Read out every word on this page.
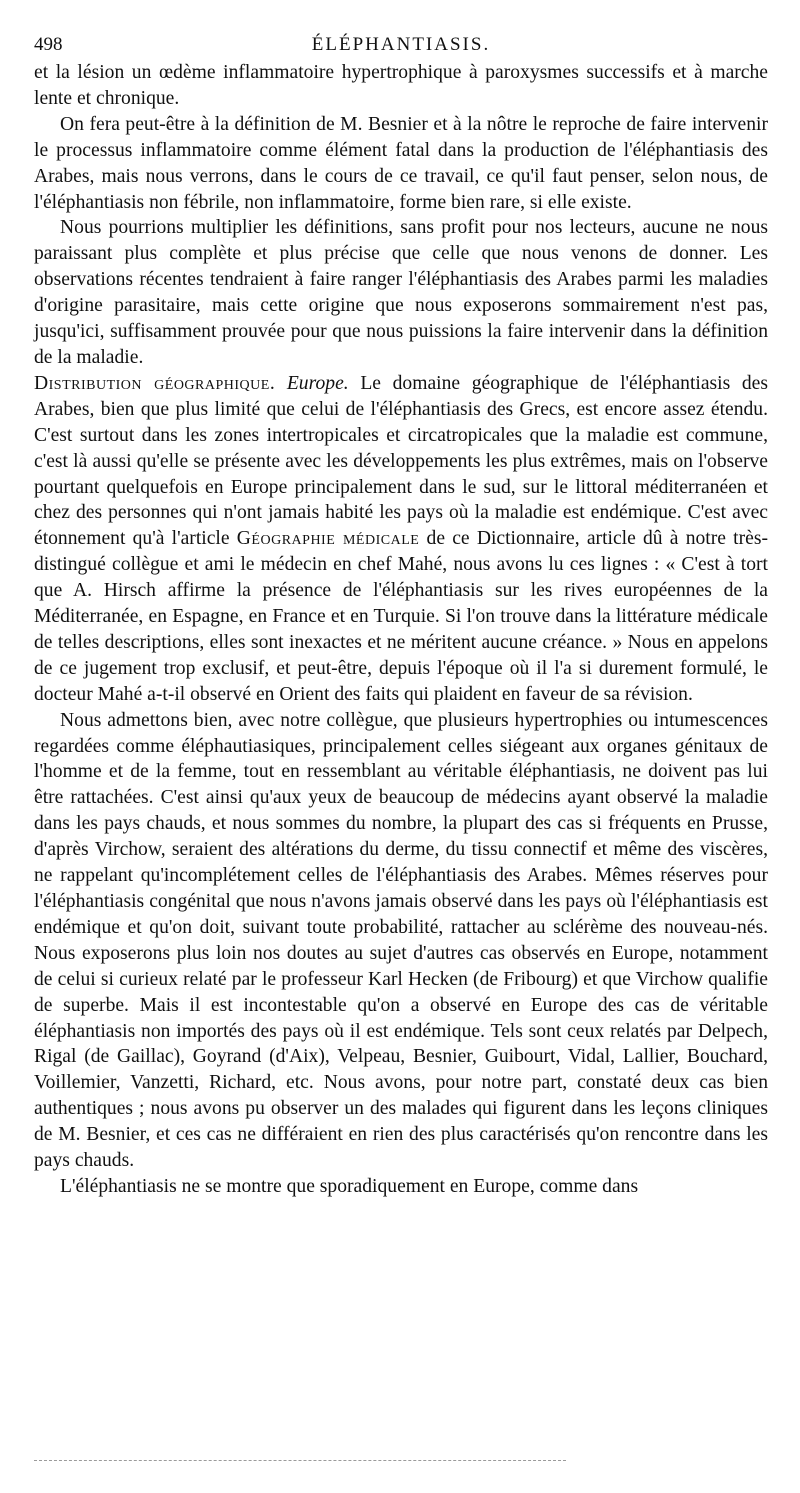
498	ÉLÉPHANTIASIS.

et la lésion un œdème inflammatoire hypertrophique à paroxysmes successifs et à marche lente et chronique.

On fera peut-être à la définition de M. Besnier et à la nôtre le reproche de faire intervenir le processus inflammatoire comme élément fatal dans la production de l'éléphantiasis des Arabes, mais nous verrons, dans le cours de ce travail, ce qu'il faut penser, selon nous, de l'éléphantiasis non fébrile, non inflammatoire, forme bien rare, si elle existe.

Nous pourrions multiplier les définitions, sans profit pour nos lecteurs, aucune ne nous paraissant plus complète et plus précise que celle que nous venons de donner. Les observations récentes tendraient à faire ranger l'éléphantiasis des Arabes parmi les maladies d'origine parasitaire, mais cette origine que nous exposerons sommairement n'est pas, jusqu'ici, suffisamment prouvée pour que nous puissions la faire intervenir dans la définition de la maladie.

Distribution géographique. Europe. Le domaine géographique de l'éléphantiasis des Arabes, bien que plus limité que celui de l'éléphantiasis des Grecs, est encore assez étendu. C'est surtout dans les zones intertropicales et circatropicales que la maladie est commune, c'est là aussi qu'elle se présente avec les développements les plus extrêmes, mais on l'observe pourtant quelquefois en Europe principalement dans le sud, sur le littoral méditerranéen et chez des personnes qui n'ont jamais habité les pays où la maladie est endémique. C'est avec étonnement qu'à l'article Géographie médicale de ce Dictionnaire, article dû à notre très-distingué collègue et ami le médecin en chef Mahé, nous avons lu ces lignes : « C'est à tort que A. Hirsch affirme la présence de l'éléphantiasis sur les rives européennes de la Méditerranée, en Espagne, en France et en Turquie. Si l'on trouve dans la littérature médicale de telles descriptions, elles sont inexactes et ne méritent aucune créance. » Nous en appelons de ce jugement trop exclusif, et peut-être, depuis l'époque où il l'a si durement formulé, le docteur Mahé a-t-il observé en Orient des faits qui plaident en faveur de sa révision.

Nous admettons bien, avec notre collègue, que plusieurs hypertrophies ou intumescences regardées comme éléphautiasiques, principalement celles siégeant aux organes génitaux de l'homme et de la femme, tout en ressemblant au véritable éléphantiasis, ne doivent pas lui être rattachées. C'est ainsi qu'aux yeux de beaucoup de médecins ayant observé la maladie dans les pays chauds, et nous sommes du nombre, la plupart des cas si fréquents en Prusse, d'après Virchow, seraient des altérations du derme, du tissu connectif et même des viscères, ne rappelant qu'incomplétement celles de l'éléphantiasis des Arabes. Mêmes réserves pour l'éléphantiasis congénital que nous n'avons jamais observé dans les pays où l'éléphantiasis est endémique et qu'on doit, suivant toute probabilité, rattacher au sclérème des nouveau-nés. Nous exposerons plus loin nos doutes au sujet d'autres cas observés en Europe, notamment de celui si curieux relaté par le professeur Karl Hecken (de Fribourg) et que Virchow qualifie de superbe. Mais il est incontestable qu'on a observé en Europe des cas de véritable éléphantiasis non importés des pays où il est endémique. Tels sont ceux relatés par Delpech, Rigal (de Gaillac), Goyrand (d'Aix), Velpeau, Besnier, Guibourt, Vidal, Lallier, Bouchard, Voillemier, Vanzetti, Richard, etc. Nous avons, pour notre part, constaté deux cas bien authentiques ; nous avons pu observer un des malades qui figurent dans les leçons cliniques de M. Besnier, et ces cas ne différaient en rien des plus caractérisés qu'on rencontre dans les pays chauds.

L'éléphantiasis ne se montre que sporadiquement en Europe, comme dans
